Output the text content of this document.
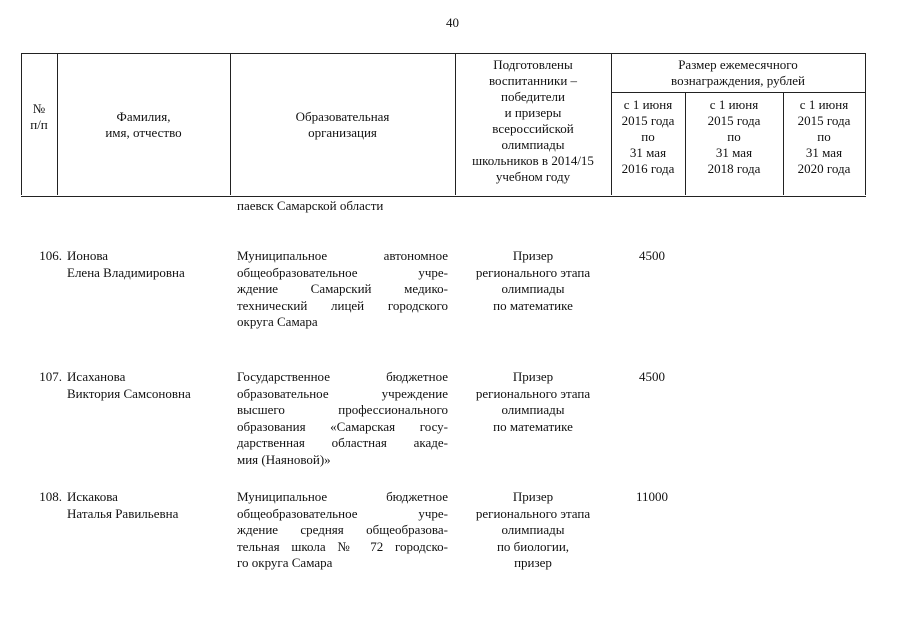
40
№
п/п
Фамилия,
имя, отчество
Образовательная
организация
Подготовлены
воспитанники –
победители
и призеры
всероссийской
олимпиады
школьников в 2014/15
учебном году
Размер ежемесячного
вознаграждения, рублей
с 1 июня
2015 года
по
31 мая
2016 года
с 1 июня
2015 года
по
31 мая
2018 года
с 1 июня
2015 года
по
31 мая
2020 года
паевск Самарской области
106. Ионова
Елена Владимировна
Муниципальное автономное
общеобразовательное учре-
ждение Самарский медико-
технический лицей городского
округа Самара
Призер
регионального этапа
олимпиады
по математике
4500
107. Исаханова
Виктория Самсоновна
Государственное бюджетное
образовательное учреждение
высшего профессионального
образования «Самарская госу-
дарственная областная акаде-
мия (Наяновой)»
Призер
регионального этапа
олимпиады
по математике
4500
108. Искакова
Наталья Равильевна
Муниципальное бюджетное
общеобразовательное учре-
ждение средняя общеобразова-
тельная школа № 72 городско-
го округа Самара
Призер
регионального этапа
олимпиады
по биологии,
призер
11000
